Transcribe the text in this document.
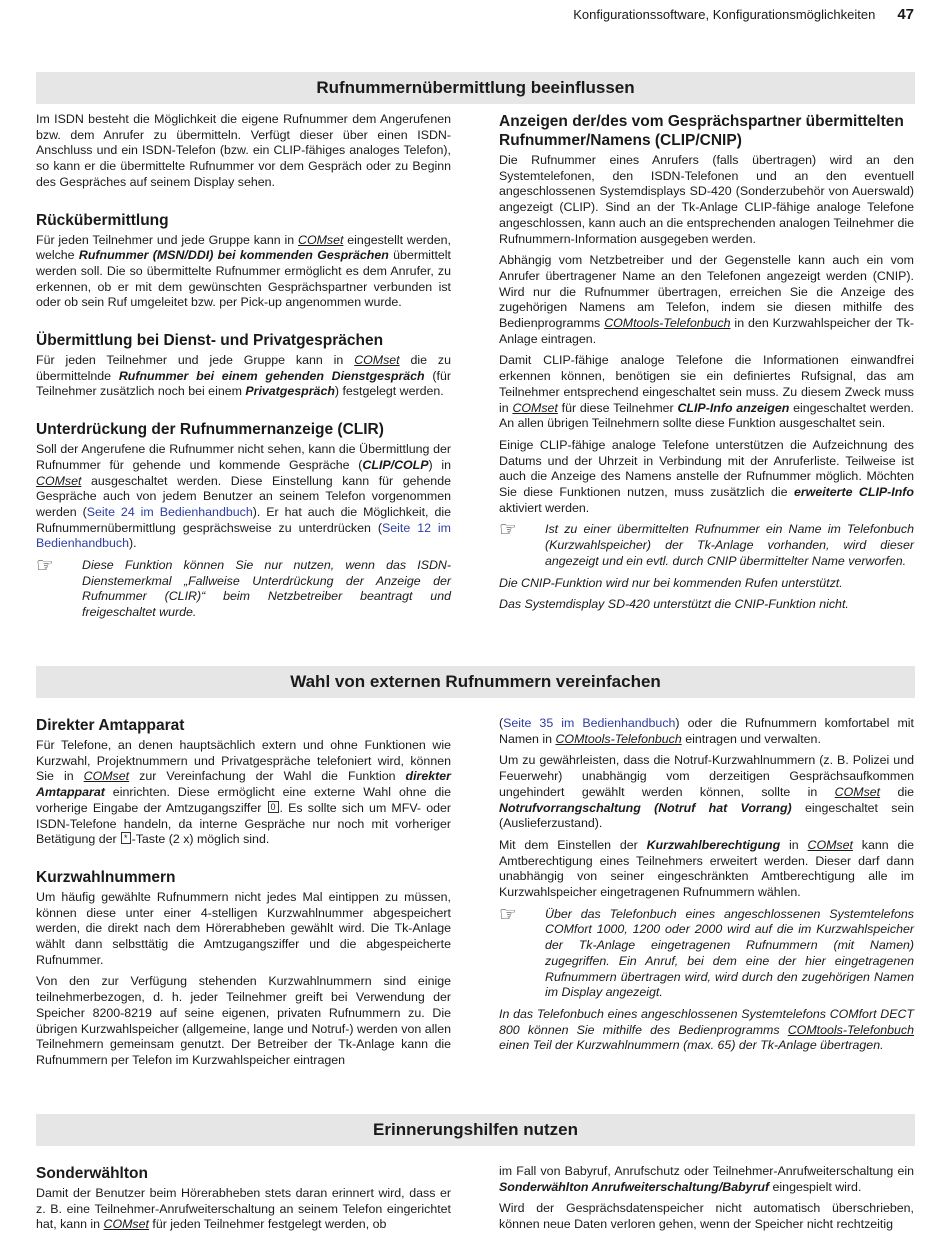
Konfigurationssoftware, Konfigurationsmöglichkeiten 47
Rufnummernübermittlung beeinflussen

Im ISDN besteht die Möglichkeit die eigene Rufnummer dem Angerufenen bzw. dem Anrufer zu übermitteln. Verfügt dieser über einen ISDN-Anschluss und ein ISDN-Telefon (bzw. ein CLIP-fähiges analoges Telefon), so kann er die übermittelte Rufnummer vor dem Gespräch oder zu Beginn des Gespräches auf seinem Display sehen.

Rückübermittlung

Für jeden Teilnehmer und jede Gruppe kann in COMset eingestellt werden, welche Rufnummer (MSN/DDI) bei kommenden Gesprächen übermittelt werden soll. Die so übermittelte Rufnummer ermöglicht es dem Anrufer, zu erkennen, ob er mit dem gewünschten Gesprächspartner verbunden ist oder ob sein Ruf umgeleitet bzw. per Pick-up angenommen wurde.

Übermittlung bei Dienst- und Privatgesprächen

Für jeden Teilnehmer und jede Gruppe kann in COMset die zu übermittelnde Rufnummer bei einem gehenden Dienstgespräch (für Teilnehmer zusätzlich noch bei einem Privatgespräch) festgelegt werden.

Unterdrückung der Rufnummernanzeige (CLIR)

Soll der Angerufene die Rufnummer nicht sehen, kann die Übermittlung der Rufnummer für gehende und kommende Gespräche (CLIP/COLP) in COMset ausgeschaltet werden. Diese Einstellung kann für gehende Gespräche auch von jedem Benutzer an seinem Telefon vorgenommen werden (Seite 24 im Bedienhandbuch). Er hat auch die Möglichkeit, die Rufnummernübermittlung gesprächsweise zu unterdrücken (Seite 12 im Bedienhandbuch).

☞ Diese Funktion können Sie nur nutzen, wenn das ISDN-Dienstemerkmal „Fallweise Unterdrückung der Anzeige der Rufnummer (CLIR)“ beim Netzbetreiber beantragt und freigeschaltet wurde.

Anzeigen der/des vom Gesprächspartner übermittelten Rufnummer/Namens (CLIP/CNIP)

Die Rufnummer eines Anrufers (falls übertragen) wird an den Systemtelefonen, den ISDN-Telefonen und an den eventuell angeschlossenen Systemdisplays SD-420 (Sonderzubehör von Auerswald) angezeigt (CLIP). Sind an der Tk-Anlage CLIP-fähige analoge Telefone angeschlossen, kann auch an die entsprechenden analogen Teilnehmer die Rufnummern-Information ausgegeben werden.

Abhängig vom Netzbetreiber und der Gegenstelle kann auch ein vom Anrufer übertragener Name an den Telefonen angezeigt werden (CNIP). Wird nur die Rufnummer übertragen, erreichen Sie die Anzeige des zugehörigen Namens am Telefon, indem sie diesen mithilfe des Bedienprogramms COMtools-Telefonbuch in den Kurzwahlspeicher der Tk-Anlage eintragen.

Damit CLIP-fähige analoge Telefone die Informationen einwandfrei erkennen können, benötigen sie ein definiertes Rufsignal, das am Teilnehmer entsprechend eingeschaltet sein muss. Zu diesem Zweck muss in COMset für diese Teilnehmer CLIP-Info anzeigen eingeschaltet werden. An allen übrigen Teilnehmern sollte diese Funktion ausgeschaltet sein.

Einige CLIP-fähige analoge Telefone unterstützen die Aufzeichnung des Datums und der Uhrzeit in Verbindung mit der Anruferliste. Teilweise ist auch die Anzeige des Namens anstelle der Rufnummer möglich. Möchten Sie diese Funktionen nutzen, muss zusätzlich die erweiterte CLIP-Info aktiviert werden.

☞ Ist zu einer übermittelten Rufnummer ein Name im Telefonbuch (Kurzwahlspeicher) der Tk-Anlage vorhanden, wird dieser angezeigt und ein evtl. durch CNIP übermittelter Name verworfen.

Die CNIP-Funktion wird nur bei kommenden Rufen unterstützt.

Das Systemdisplay SD-420 unterstützt die CNIP-Funktion nicht.

Wahl von externen Rufnummern vereinfachen
Direkter Amtapparat

Für Telefone, an denen hauptsächlich extern und ohne Funktionen wie Kurzwahl, Projektnummern und Privatgespräche telefoniert wird, können Sie in COMset zur Vereinfachung der Wahl die Funktion direkter Amtapparat einrichten. Diese ermöglicht eine externe Wahl ohne die vorherige Eingabe der Amtzugangsziffer 0 . Es sollte sich um MFV- oder ISDN-Telefone handeln, da interne Gespräche nur noch mit vorheriger Betätigung der * -Taste (2 x) möglich sind.

Kurzwahlnummern

Um häufig gewählte Rufnummern nicht jedes Mal eintippen zu müssen, können diese unter einer 4-stelligen Kurzwahlnummer abgespeichert werden, die direkt nach dem Hörerabheben gewählt wird. Die Tk-Anlage wählt dann selbsttätig die Amtzugangsziffer und die abgespeicherte Rufnummer.

Von den zur Verfügung stehenden Kurzwahlnummern sind einige teilnehmerbezogen, d. h. jeder Teilnehmer greift bei Verwendung der Speicher 8200-8219 auf seine eigenen, privaten Rufnummern zu. Die übrigen Kurzwahlspeicher (allgemeine, lange und Notruf-) werden von allen Teilnehmern gemeinsam genutzt. Der Betreiber der Tk-Anlage kann die Rufnummern per Telefon im Kurzwahlspeicher eintragen

(Seite 35 im Bedienhandbuch) oder die Rufnummern komfortabel mit Namen in COMtools-Telefonbuch eintragen und verwalten.

Um zu gewährleisten, dass die Notruf-Kurzwahlnummern (z. B. Polizei und Feuerwehr) unabhängig vom derzeitigen Gesprächsaufkommen ungehindert gewählt werden können, sollte in COMset die Notrufvorrangschaltung (Notruf hat Vorrang) eingeschaltet sein (Auslieferzustand).

Mit dem Einstellen der Kurzwahlberechtigung in COMset kann die Amtberechtigung eines Teilnehmers erweitert werden. Dieser darf dann unabhängig von seiner eingeschränkten Amtberechtigung alle im Kurzwahlspeicher eingetragenen Rufnummern wählen.

☞ Über das Telefonbuch eines angeschlossenen Systemtelefons COMfort 1000, 1200 oder 2000 wird auf die im Kurzwahlspeicher der Tk-Anlage eingetragenen Rufnummern (mit Namen) zugegriffen. Ein Anruf, bei dem eine der hier eingetragenen Rufnummern übertragen wird, wird durch den zugehörigen Namen im Display angezeigt.

In das Telefonbuch eines angeschlossenen Systemtelefons COMfort DECT 800 können Sie mithilfe des Bedienprogramms COMtools-Telefonbuch einen Teil der Kurzwahlnummern (max. 65) der Tk-Anlage übertragen.

Erinnerungshilfen nutzen
Sonderwählton

Damit der Benutzer beim Hörerabheben stets daran erinnert wird, dass er z. B. eine Teilnehmer-Anrufweiterschaltung an seinem Telefon eingerichtet hat, kann in COMset für jeden Teilnehmer festgelegt werden, ob

im Fall von Babyruf, Anrufschutz oder Teilnehmer-Anrufweiterschaltung ein Sonderwählton Anrufweiterschaltung/Babyruf eingespielt wird.

Wird der Gesprächsdatenspeicher nicht automatisch überschrieben, können neue Daten verloren gehen, wenn der Speicher nicht rechtzeitig
